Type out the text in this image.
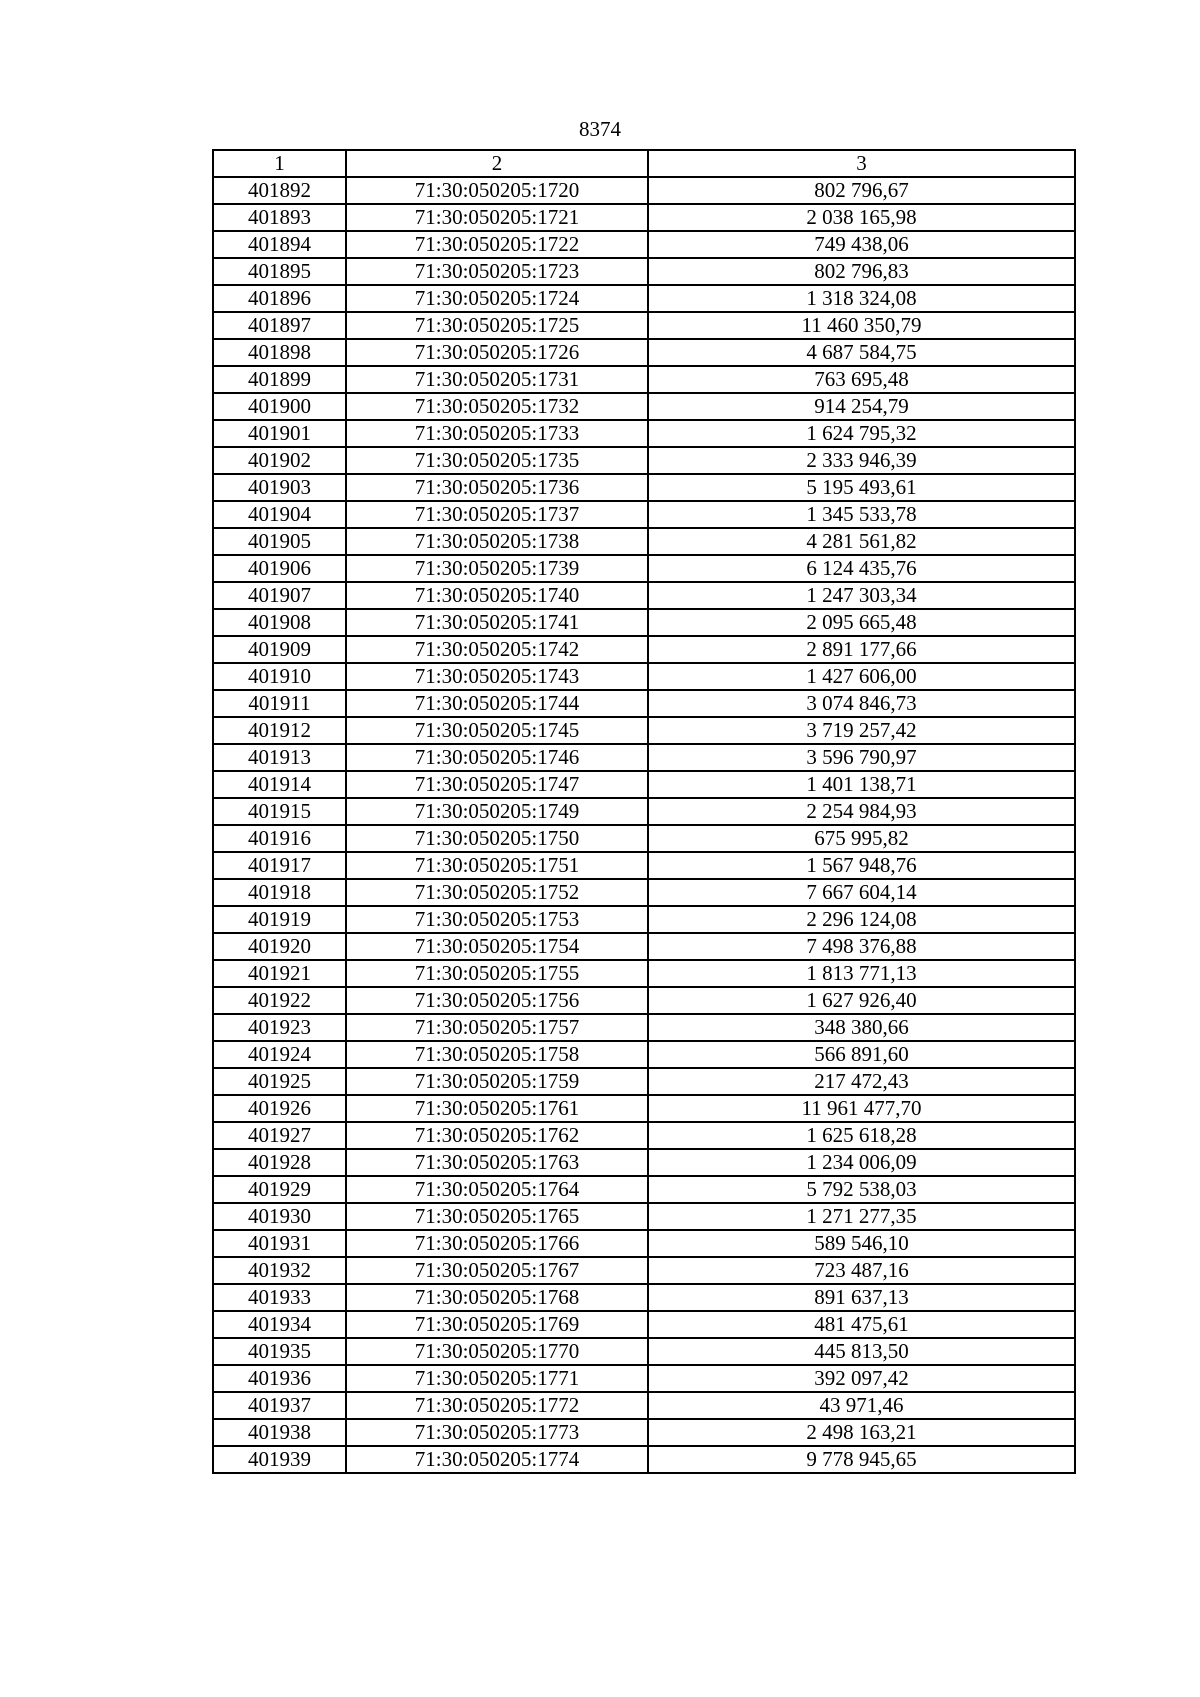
8374
1	2	3
401892	71:30:050205:1720	802 796,67
401893	71:30:050205:1721	2 038 165,98
401894	71:30:050205:1722	749 438,06
401895	71:30:050205:1723	802 796,83
401896	71:30:050205:1724	1 318 324,08
401897	71:30:050205:1725	11 460 350,79
401898	71:30:050205:1726	4 687 584,75
401899	71:30:050205:1731	763 695,48
401900	71:30:050205:1732	914 254,79
401901	71:30:050205:1733	1 624 795,32
401902	71:30:050205:1735	2 333 946,39
401903	71:30:050205:1736	5 195 493,61
401904	71:30:050205:1737	1 345 533,78
401905	71:30:050205:1738	4 281 561,82
401906	71:30:050205:1739	6 124 435,76
401907	71:30:050205:1740	1 247 303,34
401908	71:30:050205:1741	2 095 665,48
401909	71:30:050205:1742	2 891 177,66
401910	71:30:050205:1743	1 427 606,00
401911	71:30:050205:1744	3 074 846,73
401912	71:30:050205:1745	3 719 257,42
401913	71:30:050205:1746	3 596 790,97
401914	71:30:050205:1747	1 401 138,71
401915	71:30:050205:1749	2 254 984,93
401916	71:30:050205:1750	675 995,82
401917	71:30:050205:1751	1 567 948,76
401918	71:30:050205:1752	7 667 604,14
401919	71:30:050205:1753	2 296 124,08
401920	71:30:050205:1754	7 498 376,88
401921	71:30:050205:1755	1 813 771,13
401922	71:30:050205:1756	1 627 926,40
401923	71:30:050205:1757	348 380,66
401924	71:30:050205:1758	566 891,60
401925	71:30:050205:1759	217 472,43
401926	71:30:050205:1761	11 961 477,70
401927	71:30:050205:1762	1 625 618,28
401928	71:30:050205:1763	1 234 006,09
401929	71:30:050205:1764	5 792 538,03
401930	71:30:050205:1765	1 271 277,35
401931	71:30:050205:1766	589 546,10
401932	71:30:050205:1767	723 487,16
401933	71:30:050205:1768	891 637,13
401934	71:30:050205:1769	481 475,61
401935	71:30:050205:1770	445 813,50
401936	71:30:050205:1771	392 097,42
401937	71:30:050205:1772	43 971,46
401938	71:30:050205:1773	2 498 163,21
401939	71:30:050205:1774	9 778 945,65
